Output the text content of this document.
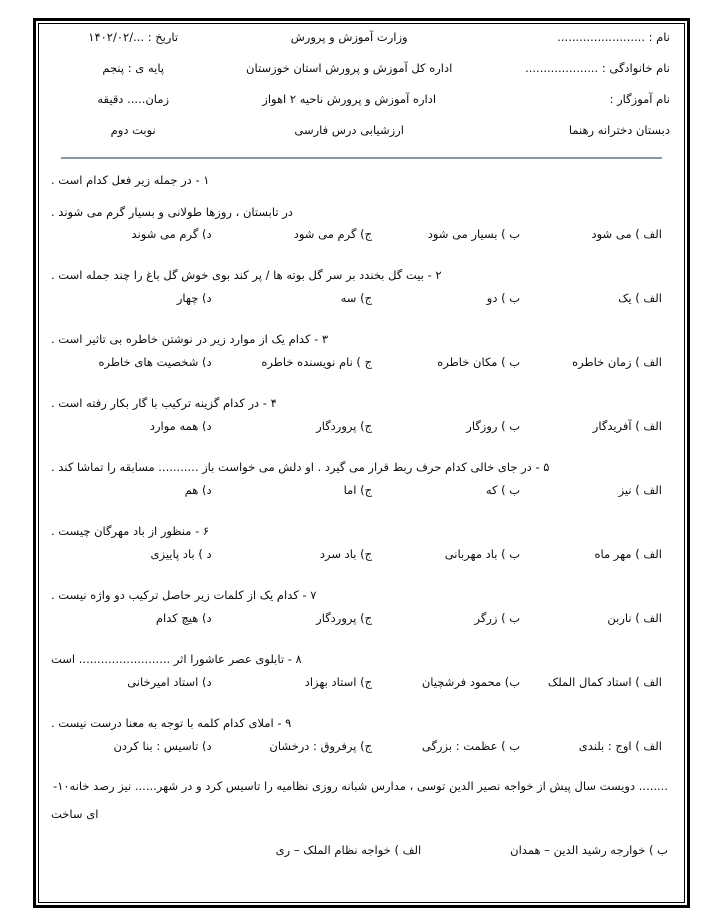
نام : ........................
وزارت آموزش و پرورش
تاریخ : .../۱۴۰۲/۰۲
نام خانوادگی : ....................
اداره کل آموزش و پرورش استان خوزستان
پایه ی : پنجم
نام آموزگار :
اداره آموزش و پرورش ناحیه ۲ اهواز
زمان..... دقیقه
دبستان دخترانه رهنما
ارزشیابی درس فارسی
نوبت دوم
۱ - در جمله زیر فعل کدام است .
در تابستان ، روزها طولانی و بسیار گرم می شوند .
الف ) می شود
ب ) بسیار می شود
ج) گرم می شود
د) گرم می شوند
۲ - بیت گل بخندد بر سر گل بوته ها / پر کند بوی خوش گل باغ را چند جمله است .
الف ) یک
ب ) دو
ج) سه
د) چهار
۳ - کدام یک از موارد زیر در نوشتن خاطره بی تاثیر است .
الف ) زمان خاطره
ب ) مکان خاطره
ج ) نام نویسنده خاطره
د) شخصیت های خاطره
۴ - در کدام گزینه ترکیب با گار بکار رفته است .
الف ) آفریدگار
ب ) روزگار
ج) پروردگار
د) همه موارد
۵ - در جای خالی کدام حرف ربط قرار می گیرد . او دلش می خواست باز ........... مسابقه را تماشا کند .
الف ) نیز
ب ) که
ج) اما
د) هم
۶ - منظور از باد مهرگان چیست .
الف ) مهر ماه
ب ) باد مهربانی
ج) باد سرد
د ) باد پاییزی
۷ - کدام یک از کلمات زیر حاصل ترکیب دو واژه نیست .
الف ) ناربن
ب ) زرگر
ج) پروردگار
د) هیچ کدام
۸ - تابلوی عصر عاشورا اثر ......................... است
الف ) استاد کمال الملک
ب) محمود فرشچیان
ج) استاد بهزاد
د) استاد امیرخانی
۹ - املای کدام کلمه با توجه به معنا درست نیست .
الف ) اوج : بلندی
ب ) عظمت : بزرگی
ج) پرفروق : درخشان
د) تاسیس : بنا کردن
........ دویست سال پیش از خواجه نصیر الدین توسی ، مدارس شبانه روزی نظامیه را تاسیس کرد و در شهر...... نیز رصد خانه
۱۰-
ای ساخت
ب ) خوارجه رشید الدین – همدان
الف ) خواجه نظام الملک – ری
